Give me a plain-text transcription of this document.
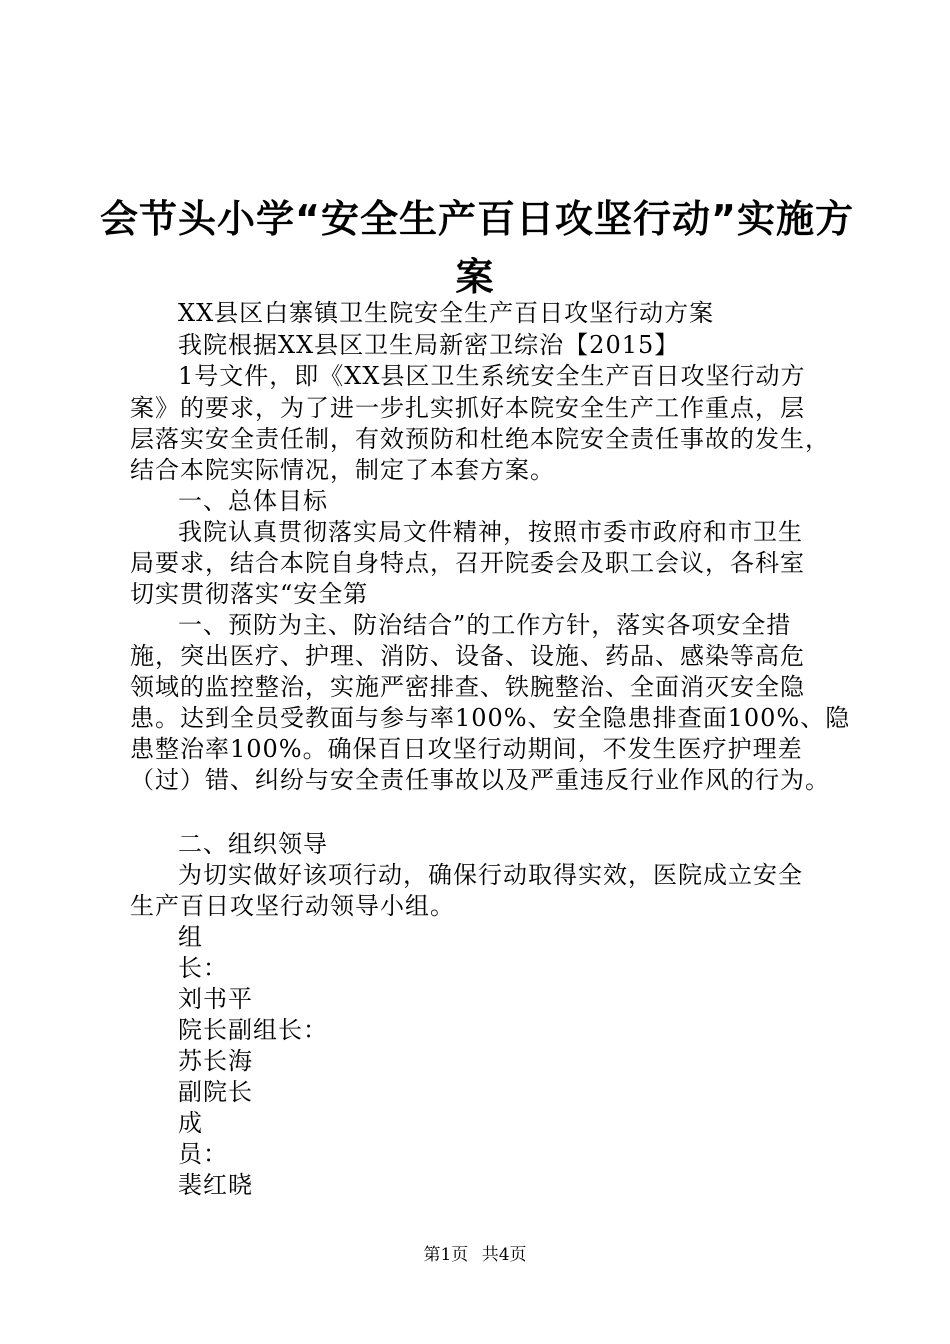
会节头小学“安全生产百日攻坚行动”实施方
案
XX县区白寨镇卫生院安全生产百日攻坚行动方案
我院根据XX县区卫生局新密卫综治【2015】
1号文件，即《XX县区卫生系统安全生产百日攻坚行动方
案》的要求，为了进一步扎实抓好本院安全生产工作重点，层
层落实安全责任制，有效预防和杜绝本院安全责任事故的发生，
结合本院实际情况，制定了本套方案。
一、总体目标
我院认真贯彻落实局文件精神，按照市委市政府和市卫生
局要求，结合本院自身特点，召开院委会及职工会议，各科室
切实贯彻落实“安全第
一、预防为主、防治结合”的工作方针，落实各项安全措
施，突出医疗、护理、消防、设备、设施、药品、感染等高危
领域的监控整治，实施严密排查、铁腕整治、全面消灭安全隐
患。达到全员受教面与参与率100%、安全隐患排查面100%、隐
患整治率100%。确保百日攻坚行动期间，不发生医疗护理差
（过）错、纠纷与安全责任事故以及严重违反行业作风的行为。
二、组织领导
为切实做好该项行动，确保行动取得实效，医院成立安全
生产百日攻坚行动领导小组。
组
长：
刘书平
院长副组长：
苏长海
副院长
成
员：
裴红晓
第1页 共4页
